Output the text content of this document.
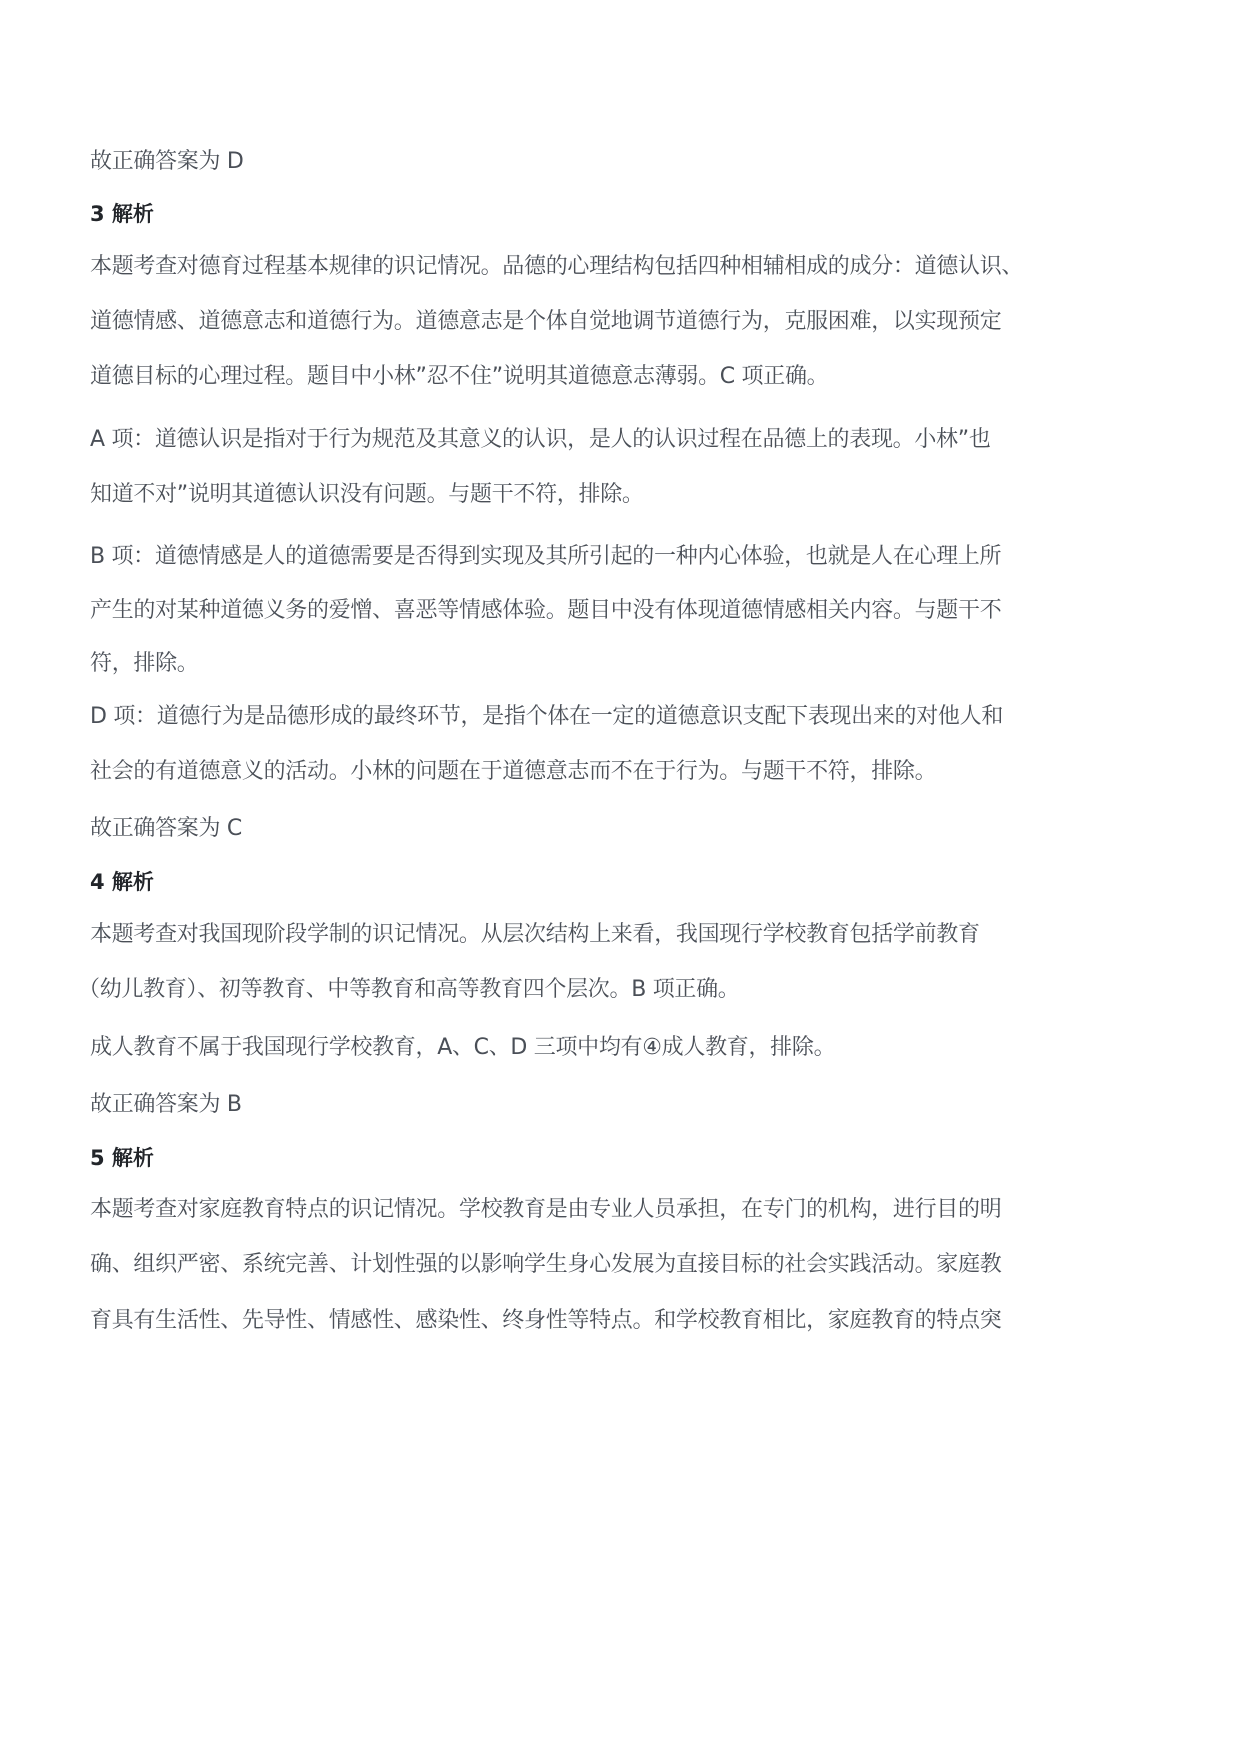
故正确答案为 D
3 解析
本题考查对德育过程基本规律的识记情况。品德的心理结构包括四种相辅相成的成分：道德认识、
道德情感、道德意志和道德行为。道德意志是个体自觉地调节道德行为，克服困难，以实现预定
道德目标的心理过程。题目中小林”忍不住”说明其道德意志薄弱。C 项正确。
A 项：道德认识是指对于行为规范及其意义的认识，是人的认识过程在品德上的表现。小林”也
知道不对”说明其道德认识没有问题。与题干不符，排除。
B 项：道德情感是人的道德需要是否得到实现及其所引起的一种内心体验，也就是人在心理上所
产生的对某种道德义务的爱憎、喜恶等情感体验。题目中没有体现道德情感相关内容。与题干不
符，排除。
D 项：道德行为是品德形成的最终环节，是指个体在一定的道德意识支配下表现出来的对他人和
社会的有道德意义的活动。小林的问题在于道德意志而不在于行为。与题干不符，排除。
故正确答案为 C
4 解析
本题考查对我国现阶段学制的识记情况。从层次结构上来看，我国现行学校教育包括学前教育
（幼儿教育）、初等教育、中等教育和高等教育四个层次。B 项正确。
成人教育不属于我国现行学校教育，A、C、D 三项中均有④成人教育，排除。
故正确答案为 B
5 解析
本题考查对家庭教育特点的识记情况。学校教育是由专业人员承担，在专门的机构，进行目的明
确、组织严密、系统完善、计划性强的以影响学生身心发展为直接目标的社会实践活动。家庭教
育具有生活性、先导性、情感性、感染性、终身性等特点。和学校教育相比，家庭教育的特点突
